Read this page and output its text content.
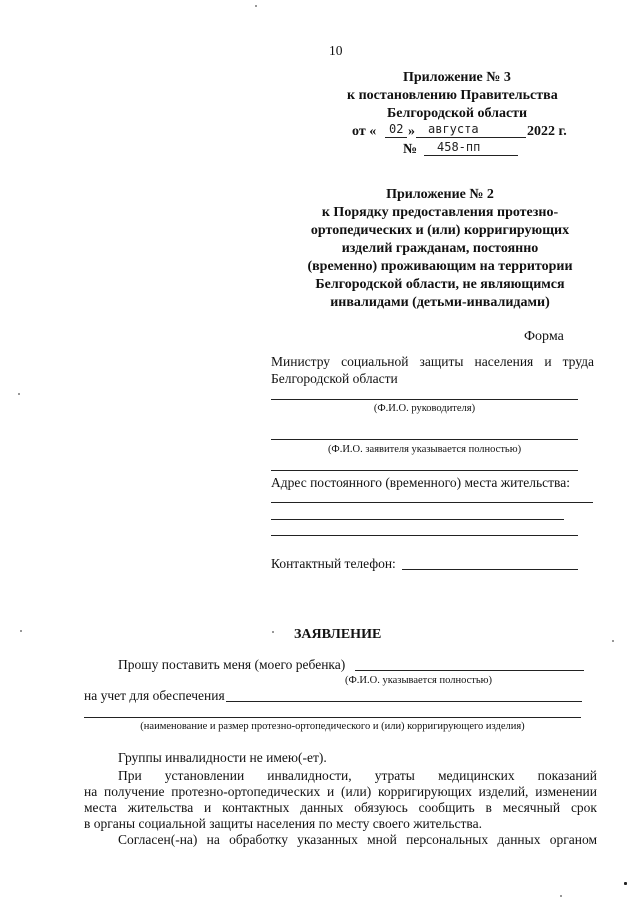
10
Приложение № 3
к постановлению Правительства
Белгородской области
от « 02 » августа	2022 г.
№ 458-пп
Приложение № 2
к Порядку предоставления протезно-
ортопедических и (или) корригирующих
изделий гражданам, постоянно
(временно) проживающим на территории
Белгородской области, не являющимся
инвалидами (детьми-инвалидами)
Форма
Министру социальной защиты населения и труда
Белгородской области
(Ф.И.О. руководителя)
(Ф.И.О. заявителя указывается полностью)
Адрес постоянного (временного) места жительства:
Контактный телефон:
ЗАЯВЛЕНИЕ
Прошу поставить меня (моего ребенка)
(Ф.И.О. указывается полностью)
на учет для обеспечения
(наименование и размер протезно-ортопедического и (или) корригирующего изделия)
Группы инвалидности не имею(-ет).
При установлении инвалидности, утраты медицинских показаний
на получение протезно-ортопедических и (или) корригирующих изделий, изменении
места жительства и контактных данных обязуюсь сообщить в месячный срок
в органы социальной защиты населения по месту своего жительства.
Согласен(-на) на обработку указанных мной персональных данных органом
